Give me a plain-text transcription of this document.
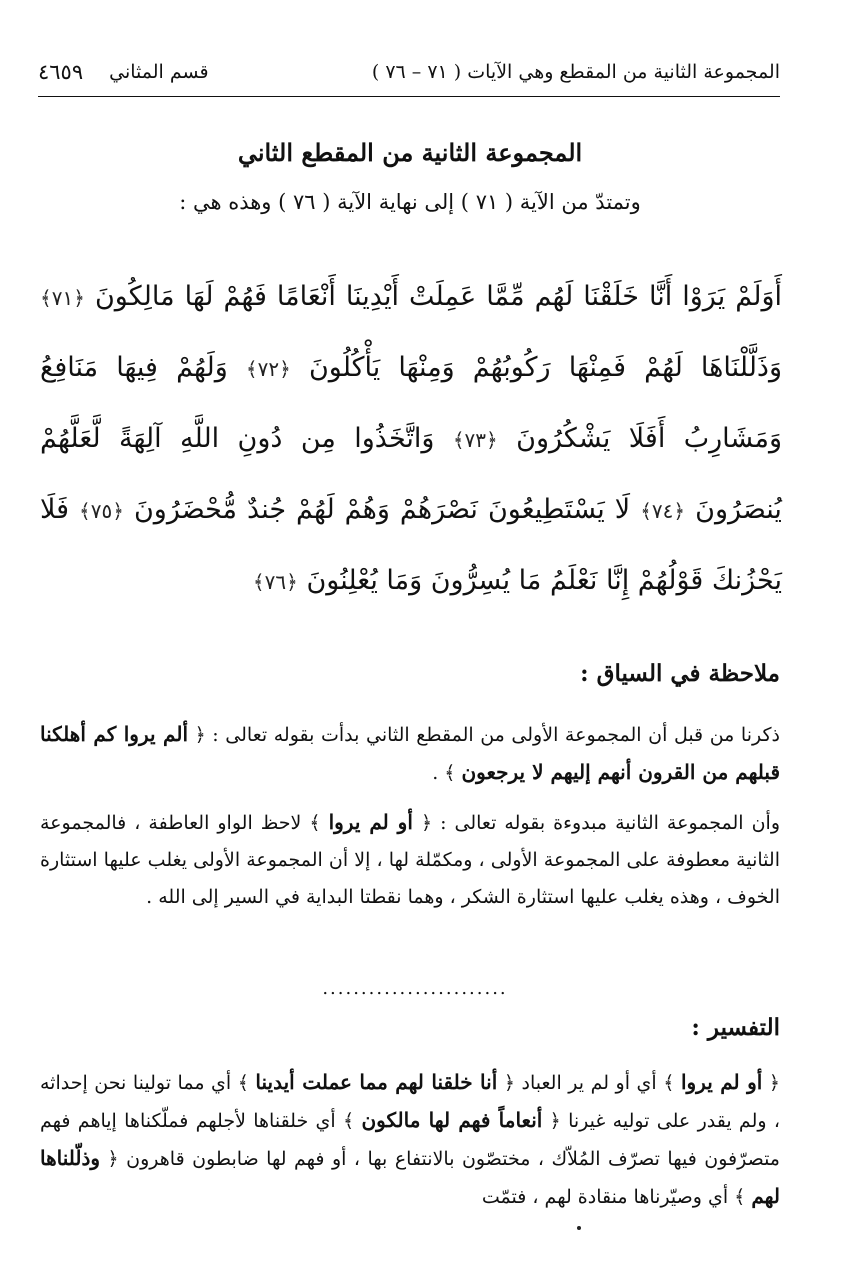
المجموعة الثانية من المقطع وهي الآيات ( ٧١ – ٧٦ )
قسم المثاني
٤٦٥٩
المجموعة الثانية من المقطع الثاني
وتمتدّ من الآية ( ٧١ ) إلى نهاية الآية ( ٧٦ ) وهذه هي :
أَوَلَمْ يَرَوْا أَنَّا خَلَقْنَا لَهُم مِّمَّا عَمِلَتْ أَيْدِينَا أَنْعَامًا فَهُمْ لَهَا مَالِكُونَ ﴿٧١﴾ وَذَلَّلْنَاهَا لَهُمْ فَمِنْهَا رَكُوبُهُمْ وَمِنْهَا يَأْكُلُونَ ﴿٧٢﴾ وَلَهُمْ فِيهَا مَنَافِعُ وَمَشَارِبُ أَفَلَا يَشْكُرُونَ ﴿٧٣﴾ وَاتَّخَذُوا مِن دُونِ اللَّهِ آلِهَةً لَّعَلَّهُمْ يُنصَرُونَ ﴿٧٤﴾ لَا يَسْتَطِيعُونَ نَصْرَهُمْ وَهُمْ لَهُمْ جُندٌ مُّحْضَرُونَ ﴿٧٥﴾ فَلَا يَحْزُنكَ قَوْلُهُمْ إِنَّا نَعْلَمُ مَا يُسِرُّونَ وَمَا يُعْلِنُونَ ﴿٧٦﴾
ملاحظة في السياق :
ذكرنا من قبل أن المجموعة الأولى من المقطع الثاني بدأت بقوله تعالى : ﴿ ألم يروا كم أهلكنا قبلهم من القرون أنهم إليهم لا يرجعون ﴾ .
وأن المجموعة الثانية مبدوءة بقوله تعالى : ﴿ أو لم يروا ﴾ لاحظ الواو العاطفة ، فالمجموعة الثانية معطوفة على المجموعة الأولى ، ومكمّلة لها ، إلا أن المجموعة الأولى يغلب عليها استثارة الخوف ، وهذه يغلب عليها استثارة الشكر ، وهما نقطتا البداية في السير إلى الله .
........................
التفسير :
﴿ أو لم يروا ﴾ أي أو لم ير العباد ﴿ أنا خلقنا لهم مما عملت أيدينا ﴾ أي مما تولينا نحن إحداثه ، ولم يقدر على توليه غيرنا ﴿ أنعاماً فهم لها مالكون ﴾ أي خلقناها لأجلهم فملّكناها إياهم فهم متصرّفون فيها تصرّف المُلاّك ، مختصّون بالانتفاع بها ، أو فهم لها ضابطون قاهرون ﴿ وذلّلناها لهم ﴾ أي وصيّرناها منقادة لهم ، فتمّت
